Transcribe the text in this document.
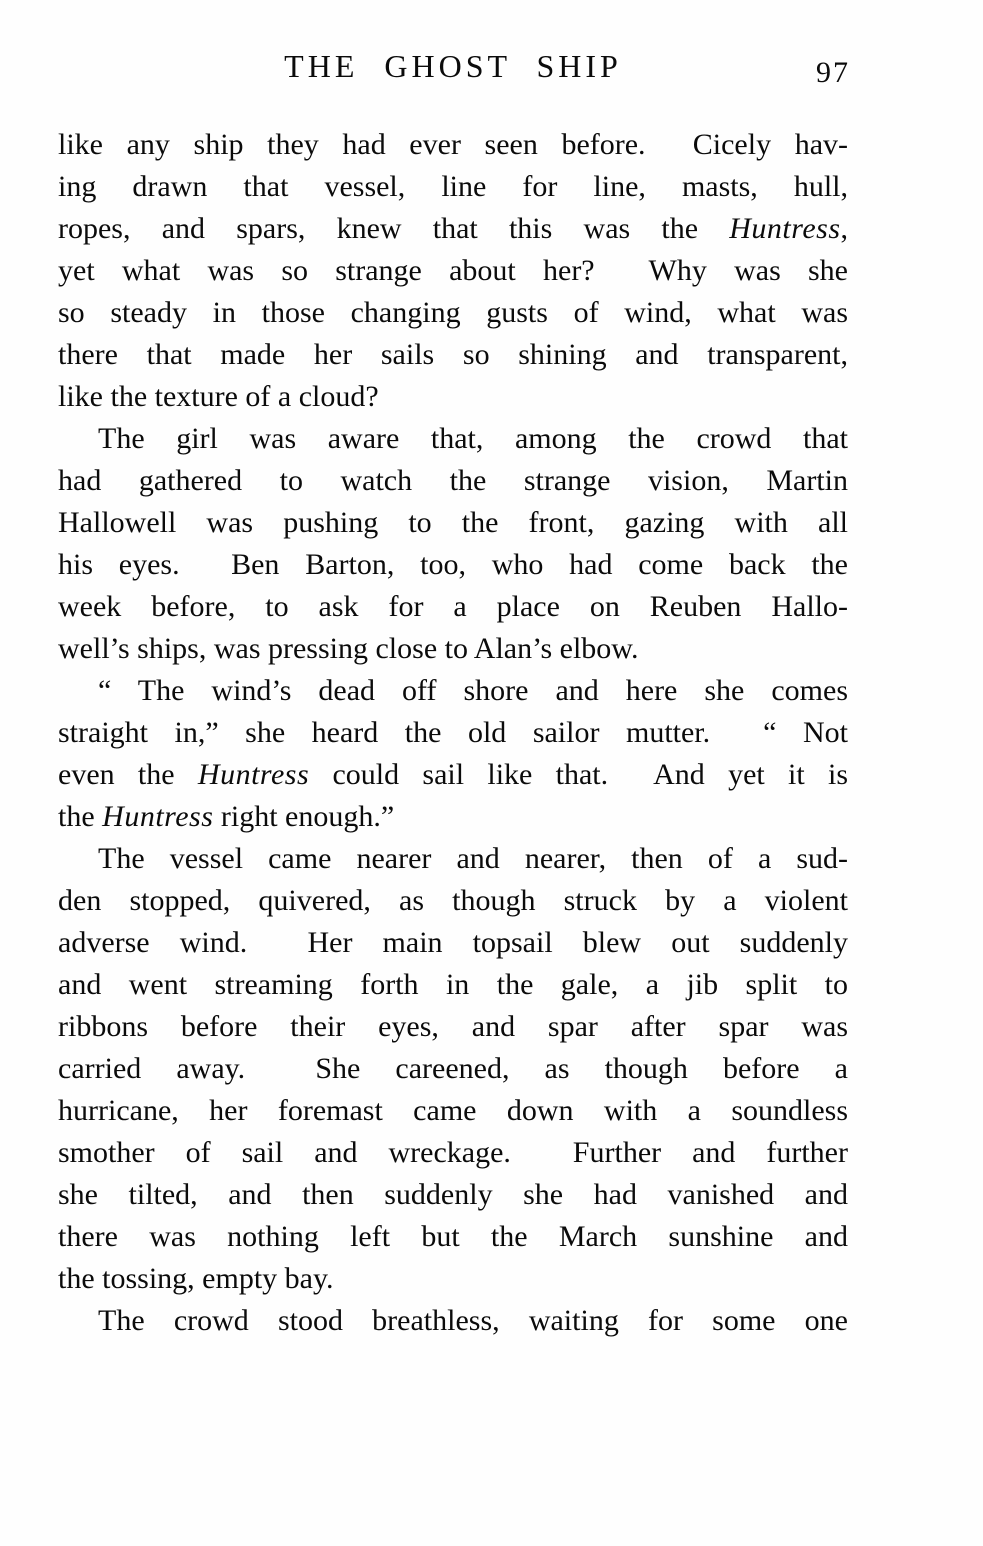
THE GHOST SHIP	97
like any ship they had ever seen before.  Cicely hav-
ing drawn that vessel, line for line, masts, hull,
ropes, and spars, knew that this was the Huntress,
yet what was so strange about her?  Why was she
so steady in those changing gusts of wind, what was
there that made her sails so shining and transparent,
like the texture of a cloud?
The girl was aware that, among the crowd that
had gathered to watch the strange vision, Martin
Hallowell was pushing to the front, gazing with all
his eyes.  Ben Barton, too, who had come back the
week before, to ask for a place on Reuben Hallo-
well’s ships, was pressing close to Alan’s elbow.
“ The wind’s dead off shore and here she comes
straight in,” she heard the old sailor mutter.  “ Not
even the Huntress could sail like that.  And yet it is
the Huntress right enough.”
The vessel came nearer and nearer, then of a sud-
den stopped, quivered, as though struck by a violent
adverse wind.  Her main topsail blew out suddenly
and went streaming forth in the gale, a jib split to
ribbons before their eyes, and spar after spar was
carried away.  She careened, as though before a
hurricane, her foremast came down with a soundless
smother of sail and wreckage.  Further and further
she tilted, and then suddenly she had vanished and
there was nothing left but the March sunshine and
the tossing, empty bay.
The crowd stood breathless, waiting for some one
